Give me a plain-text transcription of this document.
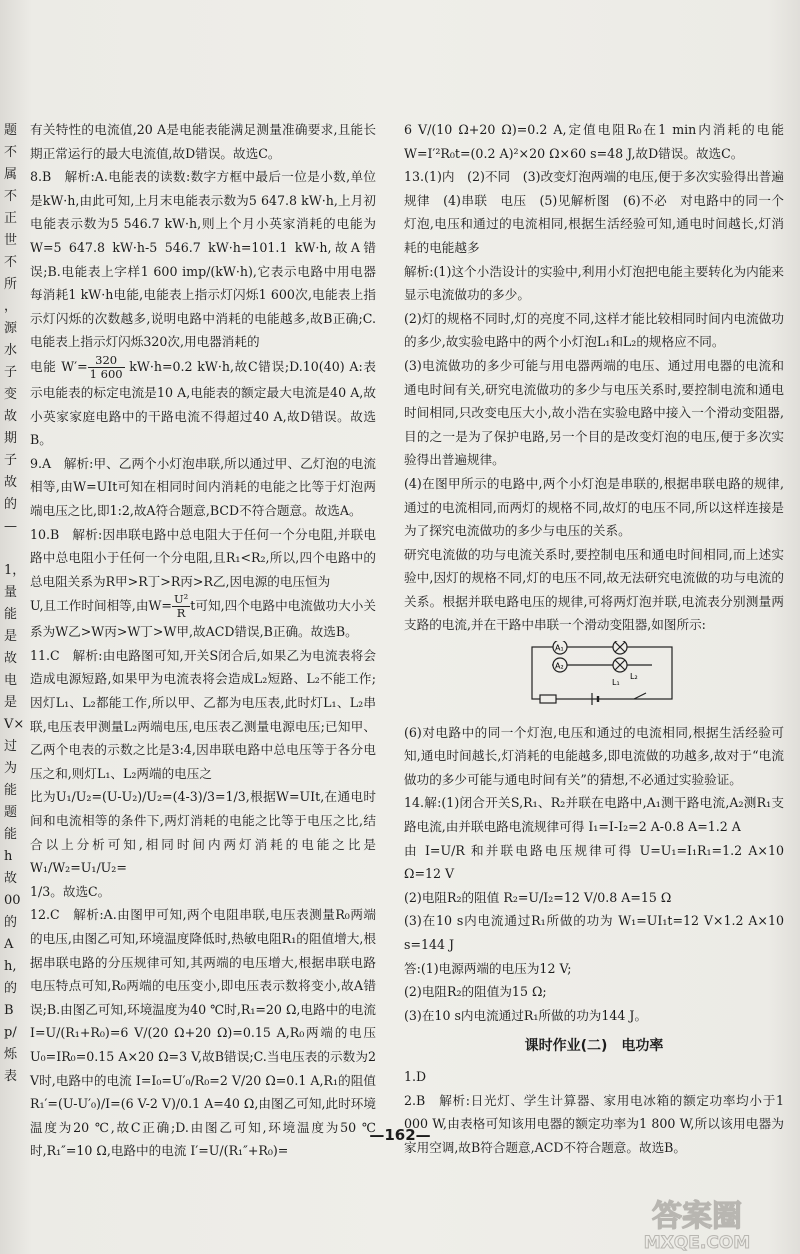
题
不
属
不
正
世
不
所
，
源
水
子
变
故
期
子
故
的
—

1，
量
能
是
故
电
是
V×
过
为
能
题
能
h
故
00
的
A
h,
的
B
p/
烁
表

有关特性的电流值,20 A是电能表能满足测量准确要求,且能长期正常运行的最大电流值,故D错误。故选C。

8.B　解析:A.电能表的读数:数字方框中最后一位是小数,单位是kW·h,由此可知,上月末电能表示数为5 647.8 kW·h,上月初电能表示数为5 546.7 kW·h,则上个月小英家消耗的电能为W=5 647.8 kW·h-5 546.7 kW·h=101.1 kW·h,故A错误;B.电能表上字样1 600 imp/(kW·h),它表示电路中用电器每消耗1 kW·h电能,电能表上指示灯闪烁1 600次,电能表上指示灯闪烁的次数越多,说明电路中消耗的电能越多,故B正确;C.电能表上指示灯闪烁320次,用电器消耗的

电能 $W'= \frac{320}{1 600} kW\cdot h=0.2$ kW·h,故C错误;D.10(40) A:表示电能表的标定电流是10 A,电能表的额定最大电流是40 A,故小英家家庭电路中的干路电流不得超过40 A,故D错误。故选B。

9.A　解析:甲、乙两个小灯泡串联,所以通过甲、乙灯泡的电流相等,由W=UIt可知在相同时间内消耗的电能之比等于灯泡两端电压之比,即1:2,故A符合题意,BCD不符合题意。故选A。

10.B　解析:因串联电路中总电阻大于任何一个分电阻,并联电路中总电阻小于任何一个分电阻,且R₁<R₂,所以,四个电路中的总电阻关系为R甲>R丁>R丙>R乙,因电源的电压恒为

U,且工作时间相等,由$W= \frac{\text{U²}}{R}$ t可知,四个电路中电流做功大小关系为W乙>W丙>W丁>W甲,故ACD错误,B正确。故选B。

11.C　解析:由电路图可知,开关S闭合后,如果乙为电流表将会造成电源短路,如果甲为电流表将会造成L₂短路、L₂不能工作;因灯L₁、L₂都能工作,所以甲、乙都为电压表,此时灯L₁、L₂串联,电压表甲测量L₂两端电压,电压表乙测量电源电压;已知甲、乙两个电表的示数之比是3:4,因串联电路中总电压等于各分电压之和,则灯L₁、L₂两端的电压之

比为U₁/U₂=(U-U₂)/U₂=(4-3)/3=1/3,根据W=UIt,在通电时间和电流相等的条件下,两灯消耗的电能之比等于电压之比,结合以上分析可知,相同时间内两灯消耗的电能之比是W₁/W₂=U₁/U₂=

1/3。故选C。

12.C　解析:A.由图甲可知,两个电阻串联,电压表测量R₀两端的电压,由图乙可知,环境温度降低时,热敏电阻R₁的阻值增大,根据串联电路的分压规律可知,其两端的电压增大,根据串联电路电压特点可知,R₀两端的电压变小,即电压表示数将变小,故A错误;B.由图乙可知,环境温度为40 ℃时,R₁=20 Ω,电路中的电流 I=U/(R₁+R₀)=6 V/(20 Ω+20 Ω)=0.15 A,R₀两端的电压U₀=IR₀=0.15 A×20 Ω=3 V,故B错误;C.当电压表的示数为2 V时,电路中的电流 I=I₀=U′₀/R₀=2 V/20 Ω=0.1 A,R₁的阻值R₁′=(U-U′₀)/I=(6 V-2 V)/0.1 A=40 Ω,由图乙可知,此时环境温度为20 ℃,故C正确;D.由图乙可知,环境温度为50 ℃时,R₁″=10 Ω,电路中的电流 I′=U/(R₁″+R₀)=

6 V/(10 Ω+20 Ω)=0.2 A,定值电阻R₀在1 min内消耗的电能W=I′²R₀t=(0.2 A)²×20 Ω×60 s=48 J,故D错误。故选C。

13.(1)内　(2)不同　(3)改变灯泡两端的电压,便于多次实验得出普遍规律　(4)串联　电压　(5)见解析图　(6)不必　对电路中的同一个灯泡,电压和通过的电流相同,根据生活经验可知,通电时间越长,灯消耗的电能越多

解析:(1)这个小浩设计的实验中,利用小灯泡把电能主要转化为内能来显示电流做功的多少。

(2)灯的规格不同时,灯的亮度不同,这样才能比较相同时间内电流做功的多少,故实验电路中的两个小灯泡L₁和L₂的规格应不同。

(3)电流做功的多少可能与用电器两端的电压、通过用电器的电流和通电时间有关,研究电流做功的多少与电压关系时,要控制电流和通电时间相同,只改变电压大小,故小浩在实验电路中接入一个滑动变阻器,目的之一是为了保护电路,另一个目的是改变灯泡的电压,便于多次实验得出普遍规律。

(4)在图甲所示的电路中,两个小灯泡是串联的,根据串联电路的规律,通过的电流相同,而两灯的规格不同,故灯的电压不同,所以这样连接是为了探究电流做功的多少与电压的关系。

研究电流做的功与电流关系时,要控制电压和通电时间相同,而上述实验中,因灯的规格不同,灯的电压不同,故无法研究电流做的功与电流的关系。根据并联电路电压的规律,可将两灯泡并联,电流表分别测量两支路的电流,并在干路中串联一个滑动变阻器,如图所示:

A₁
A₂
L₂
L₁

(6)对电路中的同一个灯泡,电压和通过的电流相同,根据生活经验可知,通电时间越长,灯消耗的电能越多,即电流做的功越多,故对于“电流做功的多少可能与通电时间有关”的猜想,不必通过实验验证。

14.解:(1)闭合开关S,R₁、R₂并联在电路中,A₁测干路电流,A₂测R₁支路电流,由并联电路电流规律可得 I₁=I-I₂=2 A-0.8 A=1.2 A

由 I=U/R 和并联电路电压规律可得 U=U₁=I₁R₁=1.2 A×10 Ω=12 V

(2)电阻R₂的阻值 R₂=U/I₂=12 V/0.8 A=15 Ω

(3)在10 s内电流通过R₁所做的功为 W₁=UI₁t=12 V×1.2 A×10 s=144 J

答:(1)电源两端的电压为12 V;

(2)电阻R₂的阻值为15 Ω;

(3)在10 s内电流通过R₁所做的功为144 J。

课时作业(二)　电功率

1.D

2.B　解析:日光灯、学生计算器、家用电冰箱的额定功率均小于1 000 W,由表格可知该用电器的额定功率为1 800 W,所以该用电器为家用空调,故B符合题意,ACD不符合题意。故选B。

—162—
答案圈
MXQE.COM
